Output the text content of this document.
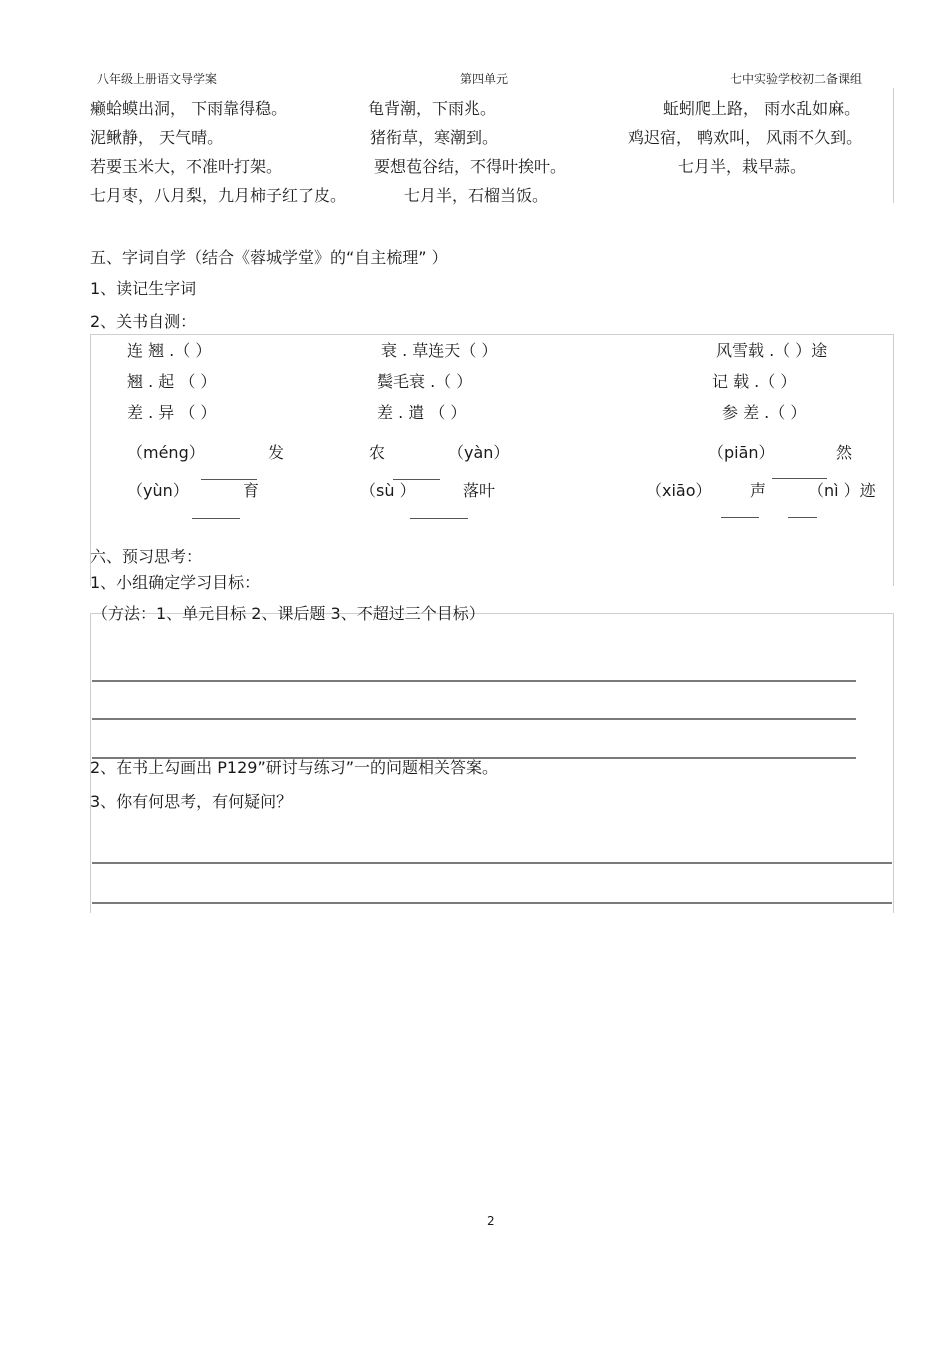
八年级上册语文导学案	第四单元	七中实验学校初二备课组
癞蛤蟆出洞， 下雨靠得稳。	龟背潮，下雨兆。	蚯蚓爬上路， 雨水乱如麻。
泥鳅静， 天气晴。	猪衔草，寒潮到。	鸡迟宿， 鸭欢叫， 风雨不久到。
若要玉米大，不准叶打架。	要想苞谷结，不得叶挨叶。	七月半，栽早蒜。
七月枣，八月梨，九月柿子红了皮。	七月半，石榴当饭。
五、字词自学（结合《蓉城学堂》的“自主梳理” ）
1、读记生字词
2、关书自测：
连 翘 .（ ）	衰 . 草连天（ ）	风雪载 .（ ）途
翘 . 起 （ ）	鬓毛衰 .（ ）	记 载 .（ ）
差 . 异 （ ）	差 . 遣 （ ）	参 差 .（ ）
（méng）	发	农	（yàn）	（piān）	然
（yùn）	育	（sù ）	落叶	（xiāo） 声	（nì ）迹
六、预习思考：
1、小组确定学习目标：
（方法：1、单元目标 2、课后题 3、不超过三个目标）
2、在书上勾画出 P129”研讨与练习”一的问题相关答案。
3、你有何思考，有何疑问？
2
